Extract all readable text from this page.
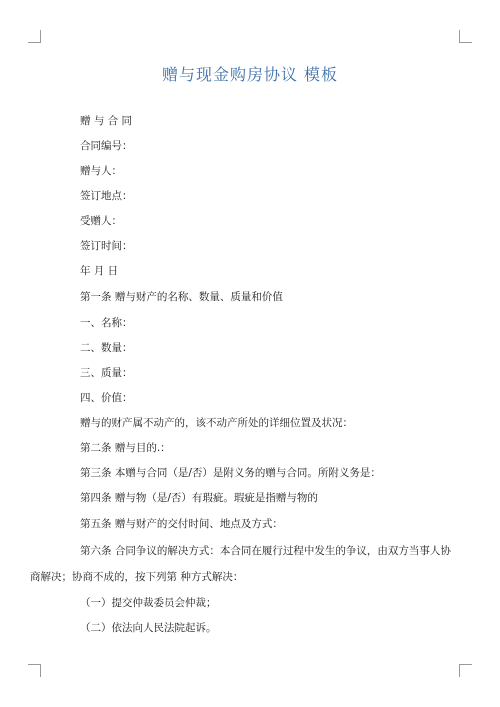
赠与现金购房协议 模板
赠 与 合 同
合同编号：
赠与人：
签订地点：
受赠人：
签订时间：
年 月 日
第一条 赠与财产的名称、数量、质量和价值
一、名称：
二、数量：
三、质量：
四、价值：
赠与的财产属不动产的，该不动产所处的详细位置及状况：
第二条 赠与目的.：
第三条 本赠与合同（是/否）是附义务的赠与合同。所附义务是：
第四条 赠与物（是/否）有瑕疵。瑕疵是指赠与物的
第五条 赠与财产的交付时间、地点及方式：
第六条 合同争议的解决方式：本合同在履行过程中发生的争议，由双方当事人协
商解决；协商不成的，按下列第 种方式解决：
（一）提交仲裁委员会仲裁；
（二）依法向人民法院起诉。
